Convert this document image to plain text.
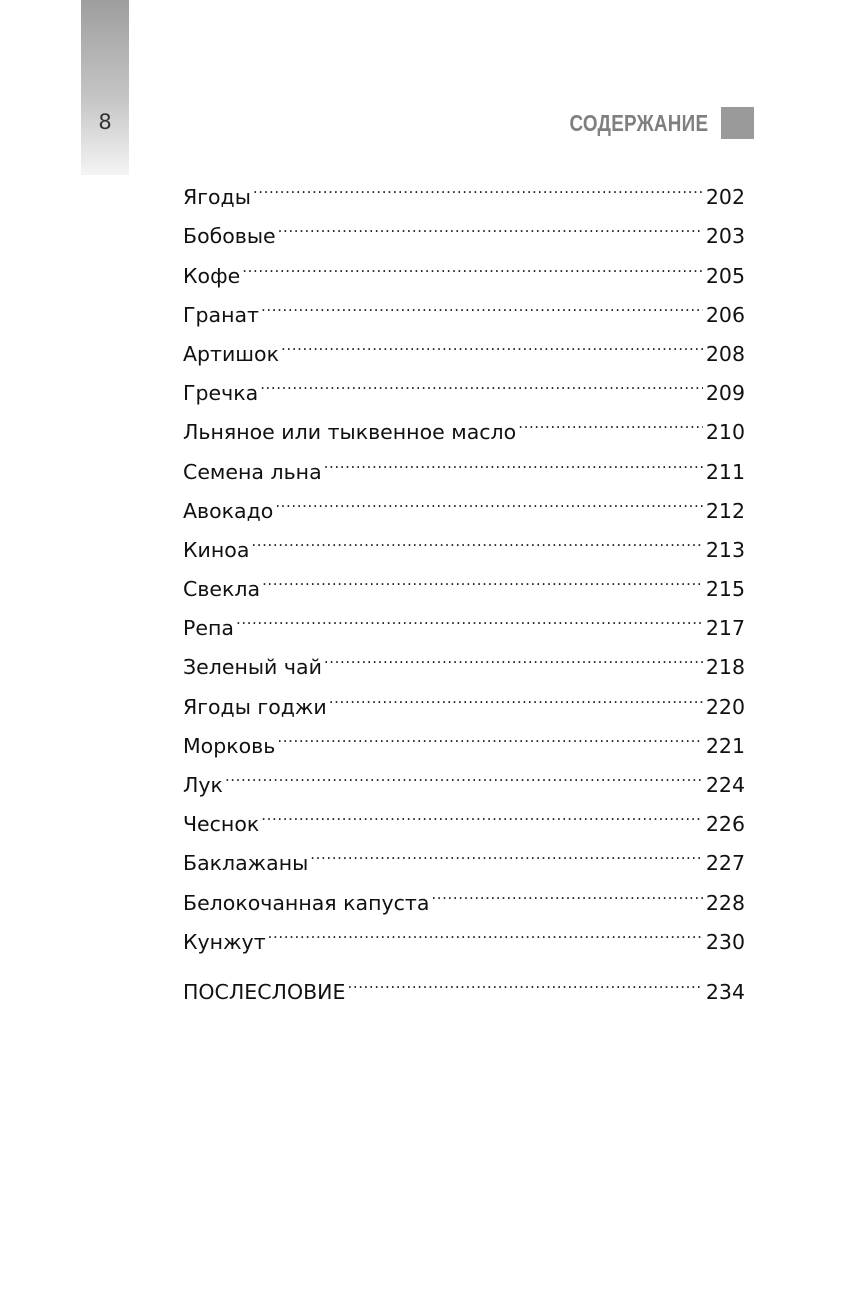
8	СОДЕРЖАНИЕ
Ягоды .....	202
Бобовые .....	203
Кофе .....	205
Гранат .....	206
Артишок .....	208
Гречка .....	209
Льняное или тыквенное масло .....	210
Семена льна .....	211
Авокадо .....	212
Киноа .....	213
Свекла .....	215
Репа .....	217
Зеленый чай .....	218
Ягоды годжи .....	220
Морковь .....	221
Лук .....	224
Чеснок .....	226
Баклажаны .....	227
Белокочанная капуста .....	228
Кунжут .....	230
ПОСЛЕСЛОВИЕ .....	234
